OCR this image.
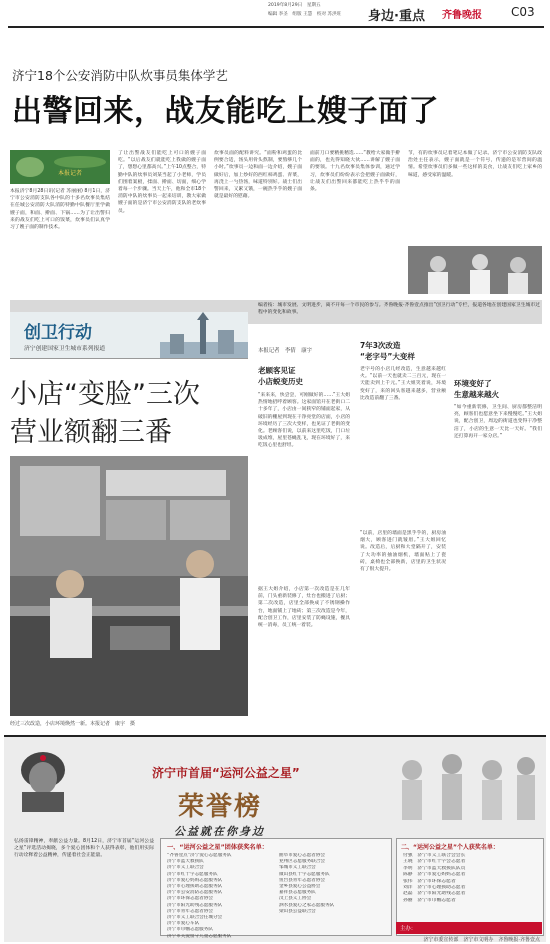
2019年8月29日　星期五
编辑 李圣　组版 王慧　校对 苏洪旺	身边·重点 齐鲁晚报 C03
济宁18个公安消防中队炊事员集体学艺
出警回来，战友能吃上嫂子面了
本报记者
本报济宁8月28日讯(记者 苏丽丽) 8月1日，济宁市公安消防支队各中队的十多名炊事员集结在任城公安消防大队消防特勤中队餐厅里学做嫂子面，和面、擀面、下锅……为了让出警归来的战友们吃上可口的饭菜，炊事员们认真学习了嫂子面的制作技术。
了让出警战友们能吃上可口的嫂子面吃。“以后战友们就能吃上我做的嫂子面了，想想心里都高兴。”上午10点整合，特勤中队的炊事员刘某当起了小老师，学员们围着案板，揉面、擀面、切面，细心学着每一个步骤。当天上午，他和全市18个消防中队的炊事员一起来培训，教大家做嫂子面的是济宁市公安消防支队的老炊事员。
炊事员面的配料讲究。“面粉和鸡蛋的比例要合适，汤头用骨头熬制，要熬够几个小时。”炊事员一边和面一边介绍，嫂子面做好后，加上炒好的西红柿鸡蛋、青菜，再浇上一勺热汤，味道特别好。战士们出警回来，又累又饿，一碗热乎乎的嫂子面就是最好的慰藉。
面前刀口要精挑精选……“教给大家做手擀面的，也先得知晓大伙……讲解了嫂子面的要领。十九名炊事员集体参训，通过学习，炊事员们纷纷表示会把嫂子面做好，让战友们出警回来都能吃上热乎乎的面条。
节，有的炊事员记着笔记本做了记录。济宁市公安消防支队政治处主任表示，嫂子面就是一个符号，传递的是军营间的温情。希望炊事员们多做一些这样的美食，让战友们吃上家乡的味道，感受家的温暖。
编者按：城市发展、文明进步，离不开每一个市民的参与。齐鲁晚报·齐鲁壹点推出“创卫行动”专栏，报道各地在创建国家卫生城市过程中的变化和故事。
创卫行动
济宁创建国家卫生城市系列报道
小店“变脸”三次
营业额翻三番
经过三次改造，小店环境焕然一新。本报记者　康宇　摄
本报记者　李倩　康宇
老顾客见证
小店蜕变历史
“来来来，快尝尝，可刚做好的……”王大姐热情地招呼着顾客。这家面馆开在老街口二十多年了，小店由一间狭窄的铺面起家，从破旧的棚屋到现在干净亮堂的店面，小店的环境经历了三次大变样，也见证了老街的变化。老顾客们说，以前来这里吃饭，门口垃圾成堆，屋里苍蝇乱飞，现在环境好了，来吃饭心里也舒坦。
据王大姐介绍，小店第一次改造是在几年前，门头重新装修了，灶台也搬进了后厨；第二次改造，店里全部换成了不锈钢操作台，地面铺上了地砖；第三次改造是今年，配合创卫工作，店里安装了防蝇设施，餐具统一消毒，员工统一着装。
7年3次改造
“老字号”大变样
老字号的小店几经改造，生意越来越红火。“以前一天也就卖二三百元，现在一天能卖到上千元。”王大姐笑着说，环境变好了，来的回头客越来越多，营业额比改造前翻了三番。
“以前，店里的墙面是黑乎乎的，厨房油烟大，顾客进门就皱眉。”王大姐回忆说。改造后，后厨和大堂隔开了，安装了大功率的抽油烟机，墙面贴上了瓷砖，桌椅也全部换新，店里的卫生状况有了很大提升。
环境变好了
生意越来越火
“如今重新装修，卫生间、厨房都整洁明亮，顾客们也愿意坐下来慢慢吃。”王大姐说，配合创卫，周边的街道也变得干净整洁了，小店的生意一天比一天好。“我们还打算再开一家分店。”
济宁市首届“运河公益之星”
荣誉榜
公益就在你身边
弘扬雷锋精神，奉献公益力量。8月12日，济宁市首届“运河公益之星”评选活动揭晓，多个爱心团体和个人获得表彰，他们用实际行动诠释着公益精神，传递着社会正能量。
一、“运河公益之星”团体获奖名单：
“齐鲁壹点”济宁爱心志愿服务队
济宁市蓝天救援队
济宁市义工联合会
济宁市红十字志愿服务队
济宁市爱心妈妈志愿服务队
济宁市心理援助志愿服务队
济宁市公安消防志愿服务队
济宁市环保志愿者协会
济宁市阳光助残志愿服务队
济宁市青年志愿者协会
济宁市义工联合会任城分会
济宁市爱心车队
济宁市巾帼志愿服务队
济宁市关爱留守儿童志愿服务队
曲阜市爱心志愿者协会
兖州区志愿服务联合会
邹城市义工联合会
微山县红十字志愿服务队
鱼台县青年志愿者协会
金乡县爱心公益协会
嘉祥县志愿服务队
汶上县义工协会
泗水县爱心之家志愿服务队
梁山县公益联合会
二、“运河公益之星”个人获奖名单：
付强　济宁市义工联合会会长
王晓　济宁市红十字会志愿者
李明　济宁市蓝天救援队队员
陈静　济宁市爱心妈妈志愿者
张伟　济宁市环保志愿者
刘洋　济宁市心理援助志愿者
赵磊　济宁市阳光助残志愿者
孙丽　济宁市巾帼志愿者
主办：
济宁市委宣传部　济宁市文明办　齐鲁晚报·齐鲁壹点
